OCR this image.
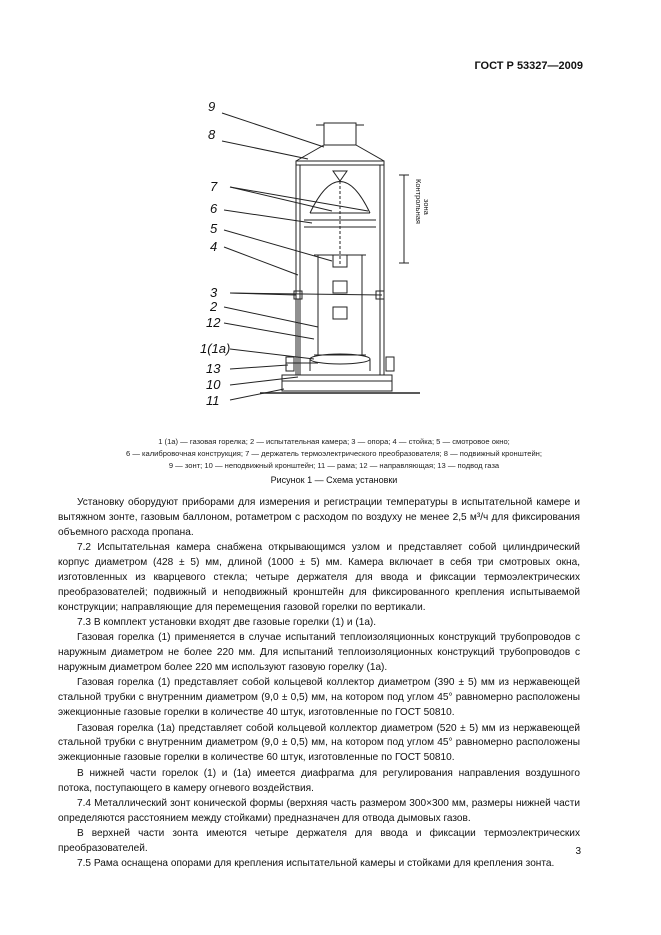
ГОСТ Р 53327—2009
9
8
7
6
5
4
3
2
12
1(1а)
13
10
11
Контрольная зона
1 (1а) — газовая горелка; 2 — испытательная камера; 3 — опора; 4 — стойка; 5 — смотровое окно;
6 — калибровочная конструкция; 7 — держатель термоэлектрического преобразователя; 8 — подвижный кронштейн;
9 — зонт; 10 — неподвижный кронштейн; 11 — рама; 12 — направляющая; 13 — подвод газа
Рисунок 1 — Схема установки

Установку оборудуют приборами для измерения и регистрации температуры в испытательной камере и вытяжном зонте, газовым баллоном, ротаметром с расходом по воздуху не менее 2,5 м³/ч для фиксирования объемного расхода пропана.

7.2 Испытательная камера снабжена открывающимся узлом и представляет собой цилиндрический корпус диаметром (428 ± 5) мм, длиной (1000 ± 5) мм. Камера включает в себя три смотровых окна, изготовленных из кварцевого стекла; четыре держателя для ввода и фиксации термоэлектрических преобразователей; подвижный и неподвижный кронштейн для фиксированного крепления испытываемой конструкции; направляющие для перемещения газовой горелки по вертикали.

7.3 В комплект установки входят две газовые горелки (1) и (1а).

Газовая горелка (1) применяется в случае испытаний теплоизоляционных конструкций трубопроводов с наружным диаметром не более 220 мм. Для испытаний теплоизоляционных конструкций трубопроводов с наружным диаметром более 220 мм используют газовую горелку (1а).

Газовая горелка (1) представляет собой кольцевой коллектор диаметром (390 ± 5) мм из нержавеющей стальной трубки с внутренним диаметром (9,0 ± 0,5) мм, на котором под углом 45° равномерно расположены эжекционные газовые горелки в количестве 40 штук, изготовленные по ГОСТ 50810.

Газовая горелка (1а) представляет собой кольцевой коллектор диаметром (520 ± 5) мм из нержавеющей стальной трубки с внутренним диаметром (9,0 ± 0,5) мм, на котором под углом 45° равномерно расположены эжекционные газовые горелки в количестве 60 штук, изготовленные по ГОСТ 50810.

В нижней части горелок (1) и (1а) имеется диафрагма для регулирования направления воздушного потока, поступающего в камеру огневого воздействия.

7.4 Металлический зонт конической формы (верхняя часть размером 300×300 мм, размеры нижней части определяются расстоянием между стойками) предназначен для отвода дымовых газов.

В верхней части зонта имеются четыре держателя для ввода и фиксации термоэлектрических преобразователей.

7.5 Рама оснащена опорами для крепления испытательной камеры и стойками для крепления зонта.

3
